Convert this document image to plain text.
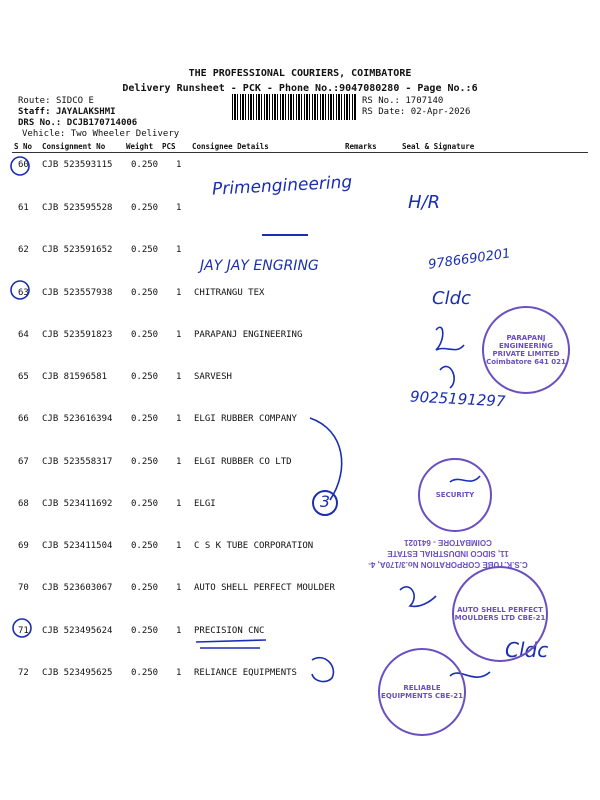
THE PROFESSIONAL COURIERS, COIMBATORE
Delivery Runsheet - PCK - Phone No.:9047080280 - Page No.:6
Route: SIDCO E
Staff: JAYALAKSHMI
DRS No.: DCJB170714006
Vehicle: Two Wheeler Delivery
RS No.: 1707140
RS Date: 02-Apr-2026
S No Consignment No	Weight PCS Consignee Details	Remarks	Seal & Signature
60 CJB 523593115 0.250 1
61 CJB 523595528 0.250 1
62 CJB 523591652 0.250 1
63 CJB 523557938 0.250 1 CHITRANGU TEX
64 CJB 523591823 0.250 1 PARAPANJ ENGINEERING
65 CJB 81596581	0.250 1 SARVESH
66 CJB 523616394 0.250 1 ELGI RUBBER COMPANY
67 CJB 523558317 0.250 1 ELGI RUBBER CO LTD
68 CJB 523411692 0.250 1 ELGI
69 CJB 523411504 0.250 1 C S K TUBE CORPORATION
70 CJB 523603067 0.250 1 AUTO SHELL PERFECT MOULDER
71 CJB 523495624 0.250 1 PRECISION CNC
72 CJB 523495625 0.250 1 RELIANCE EQUIPMENTS
Primengineering
H/R
JAY JAY ENGRING	9786690201
Cldc
9025191297
3
Cldc
PARAPANJ ENGINEERING PRIVATE LIMITED Coimbatore 641 021
SECURITY
C.S.K.TUBE CORPORATION No.3/170A, 4-11, SIDCO INDUSTRIAL ESTATE COIMBATORE - 641021
AUTO SHELL PERFECT MOULDERS LTD CBE-21
RELIABLE EQUIPMENTS CBE-21
